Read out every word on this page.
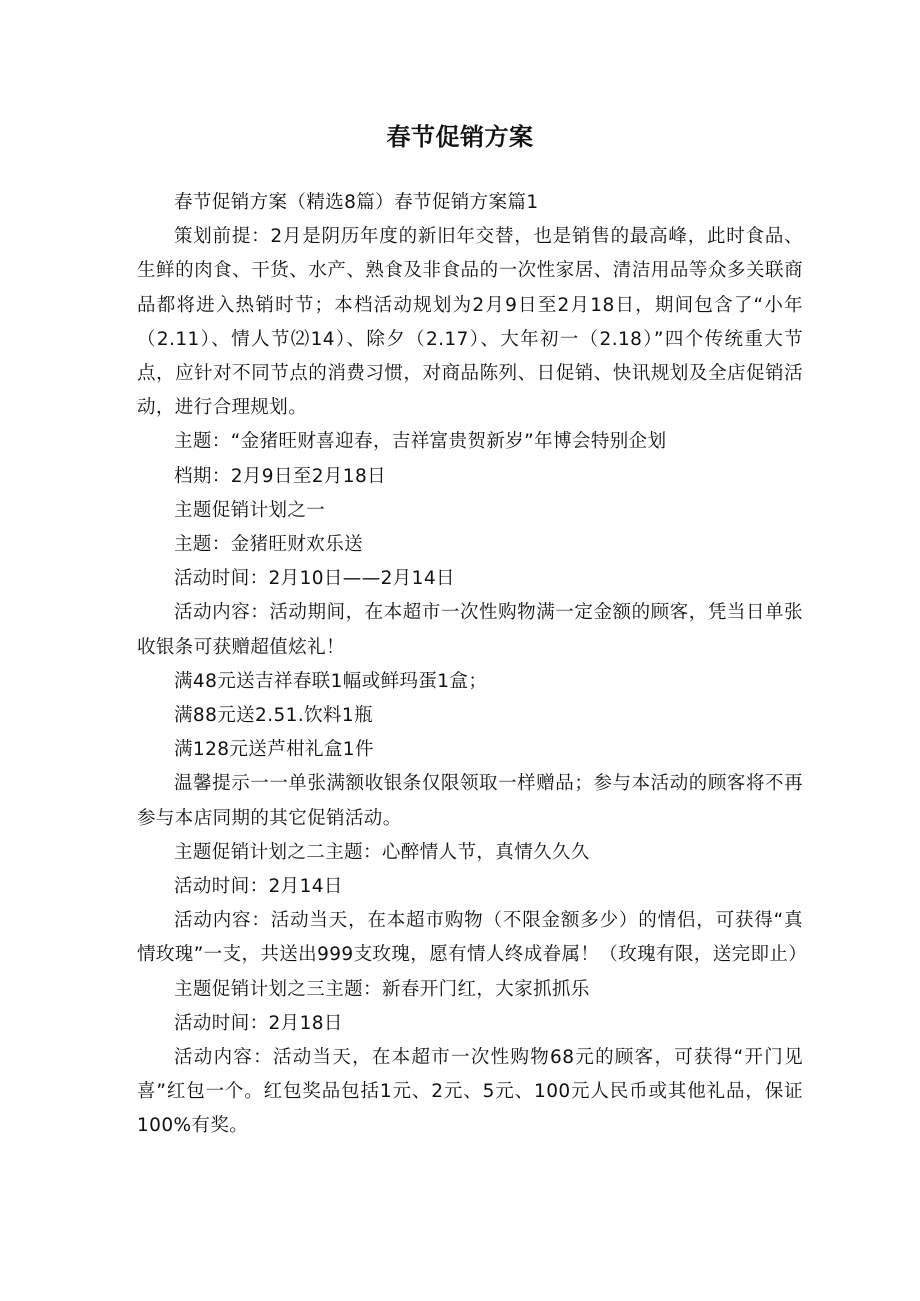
春节促销方案

春节促销方案（精选8篇）春节促销方案篇1

策划前提：2月是阴历年度的新旧年交替，也是销售的最高峰，此时食品、生鲜的肉食、干货、水产、熟食及非食品的一次性家居、清洁用品等众多关联商品都将进入热销时节；本档活动规划为2月9日至2月18日，期间包含了“小年（2.11）、情人节⑵14）、除夕（2.17）、大年初一（2.18）”四个传统重大节点，应针对不同节点的消费习惯，对商品陈列、日促销、快讯规划及全店促销活动，进行合理规划。

主题：“金猪旺财喜迎春，吉祥富贵贺新岁”年博会特别企划

档期：2月9日至2月18日

主题促销计划之一

主题：金猪旺财欢乐送

活动时间：2月10日——2月14日

活动内容：活动期间，在本超市一次性购物满一定金额的顾客，凭当日单张收银条可获赠超值炫礼！

满48元送吉祥春联1幅或鲜玛蛋1盒；

满88元送2.51.饮料1瓶

满128元送芦柑礼盒1件

温馨提示一一单张满额收银条仅限领取一样赠品；参与本活动的顾客将不再参与本店同期的其它促销活动。

主题促销计划之二主题：心醉情人节，真情久久久

活动时间：2月14日

活动内容：活动当天，在本超市购物（不限金额多少）的情侣，可获得“真情玫瑰”一支，共送出999支玫瑰，愿有情人终成眷属！（玫瑰有限，送完即止）

主题促销计划之三主题：新春开门红，大家抓抓乐

活动时间：2月18日

活动内容：活动当天，在本超市一次性购物68元的顾客，可获得“开门见喜”红包一个。红包奖品包括1元、2元、5元、100元人民币或其他礼品，保证100%有奖。
